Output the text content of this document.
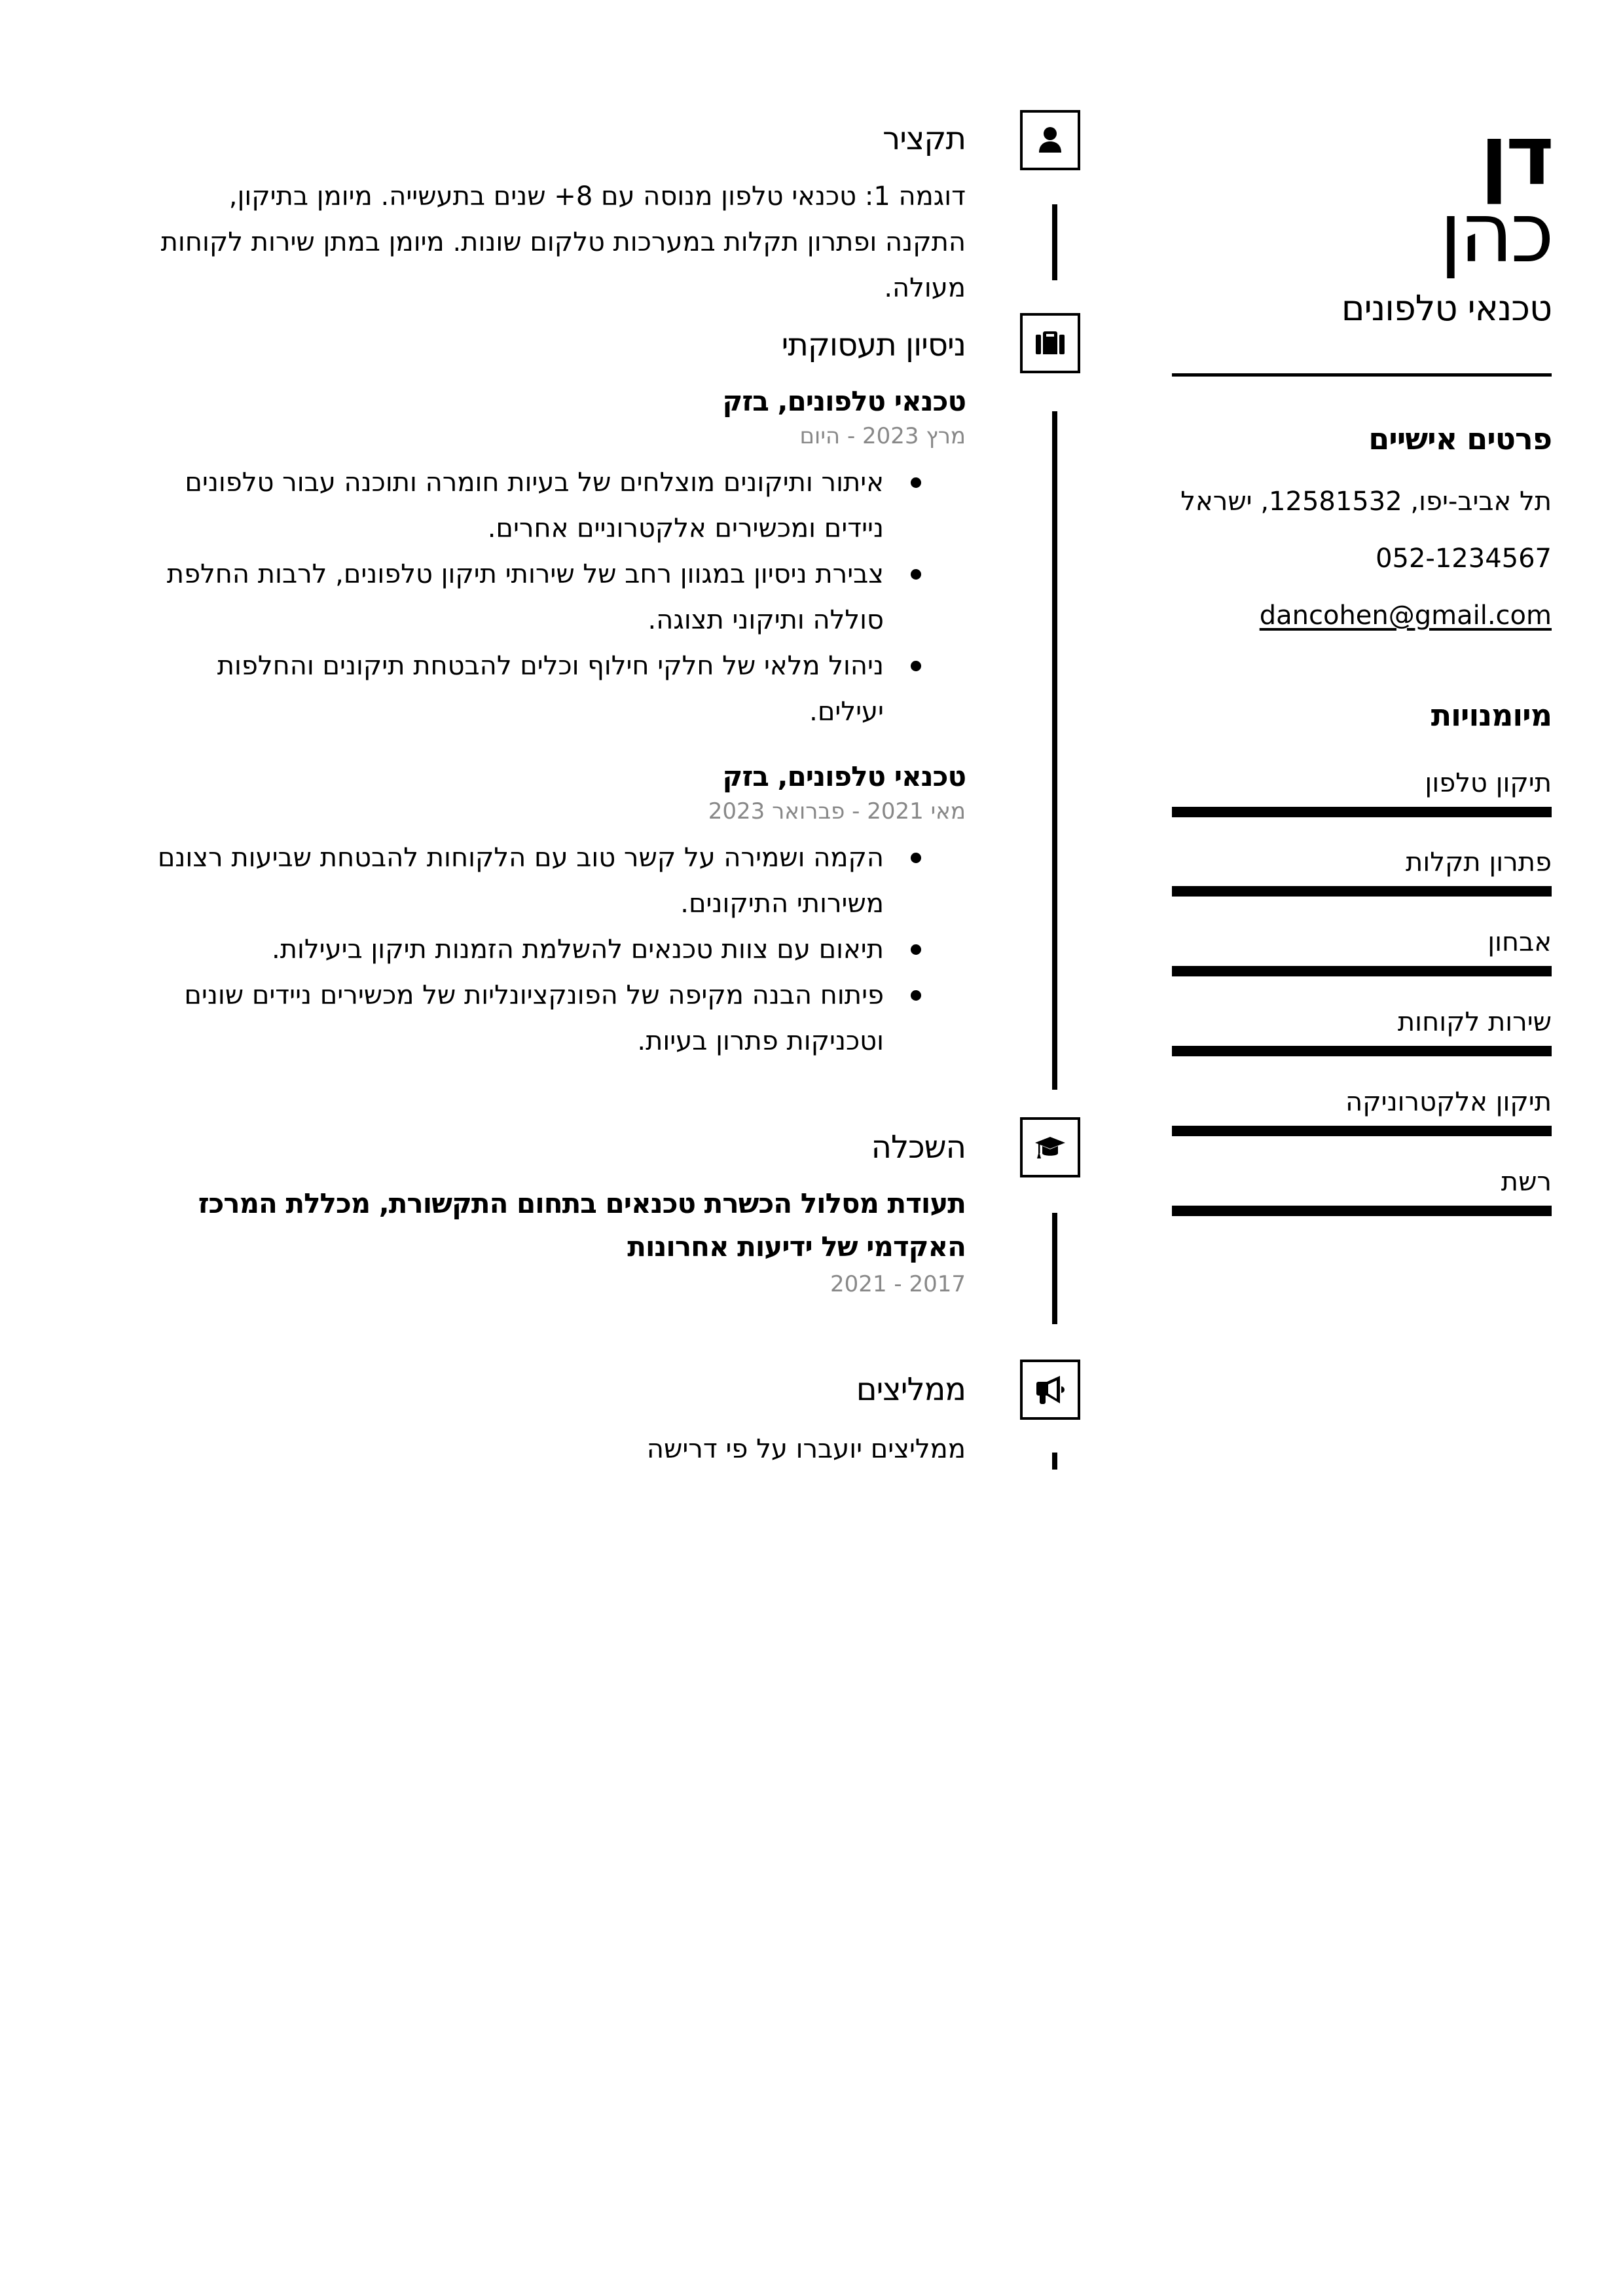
דן
כהן
טכנאי טלפונים
פרטים אישיים
תל אביב-יפו, 12581532, ישראל
052-1234567
dancohen@gmail.com
מיומנויות
תיקון טלפון
פתרון תקלות
אבחון
שירות לקוחות
תיקון אלקטרוניקה
רשת
תקציר
דוגמה 1: טכנאי טלפון מנוסה עם 8+ שנים בתעשייה. מיומן בתיקון, התקנה ופתרון תקלות במערכות טלקום שונות. מיומן במתן שירות לקוחות מעולה.
ניסיון תעסוקתי
טכנאי טלפונים, בזק
מרץ 2023 - היום
איתור ותיקונים מוצלחים של בעיות חומרה ותוכנה עבור טלפונים ניידים ומכשירים אלקטרוניים אחרים.
צבירת ניסיון במגוון רחב של שירותי תיקון טלפונים, לרבות החלפת סוללה ותיקוני תצוגה.
ניהול מלאי של חלקי חילוף וכלים להבטחת תיקונים והחלפות יעילים.
טכנאי טלפונים, בזק
מאי 2021 - פברואר 2023
הקמה ושמירה על קשר טוב עם הלקוחות להבטחת שביעות רצונם משירותי התיקונים.
תיאום עם צוות טכנאים להשלמת הזמנות תיקון ביעילות.
פיתוח הבנה מקיפה של הפונקציונליות של מכשירים ניידים שונים וטכניקות פתרון בעיות.
השכלה
תעודת מסלול הכשרת טכנאים בתחום התקשורת, מכללת המרכז האקדמי של ידיעות אחרונות
2017 - 2021
ממליצים
ממליצים יועברו על פי דרישה
